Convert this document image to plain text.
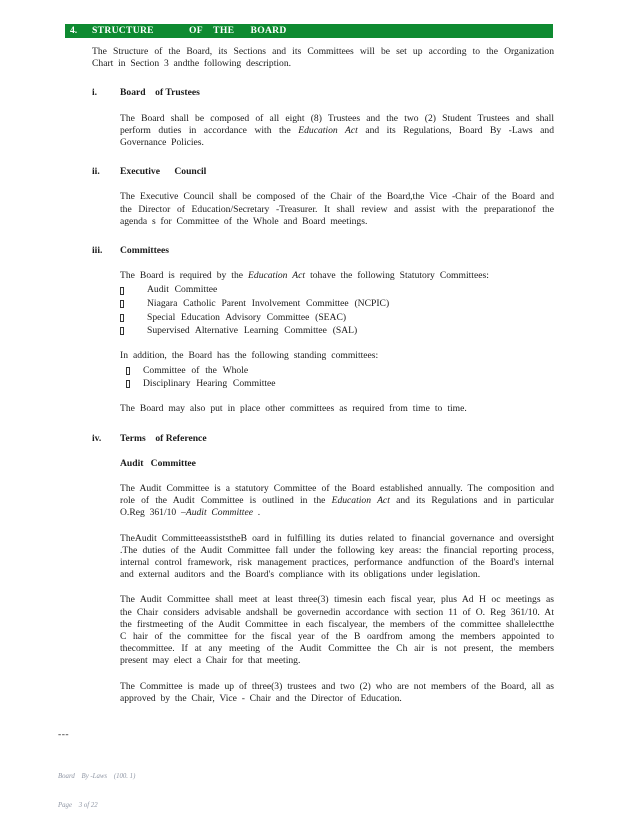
4.	STRUCTURE             OF    THE      BOARD

The Structure of the Board, its Sections and its Committees will be set up according to the Organization Chart in Section 3 andthe following description.

i.	Board    of Trustees

The Board shall be composed of all eight (8) Trustees and the two (2) Student Trustees and shall perform duties in accordance with the Education Act and its Regulations, Board By -Laws and Governance Policies.

ii.	Executive      Council

The Executive Council shall be composed of the Chair of the Board,the Vice -Chair of the Board and the Director of Education/Secretary -Treasurer. It shall review and assist with the preparationof the agenda s for Committee of the Whole and Board meetings.

iii.	Committees

The Board is required by the Education Act tohave the following Statutory Committees:

Audit Committee
Niagara Catholic Parent Involvement Committee (NCPIC)
Special Education Advisory Committee (SEAC)
Supervised Alternative Learning Committee (SAL)

In addition, the Board has the following standing committees:

Committee of the Whole
Disciplinary Hearing Committee

The Board may also put in place other committees as required from time to time.

iv.	Terms    of Reference
Audit   Committee

The Audit Committee is a statutory Committee of the Board established annually. The composition and role of the Audit Committee is outlined in the Education Act and its Regulations and in particular O.Reg 361/10 –Audit Committee .

TheAudit CommitteeassiststheB oard in fulfilling its duties related to financial governance and oversight .The duties of the Audit Committee fall under the following key areas: the financial reporting process, internal control framework, risk management practices, performance andfunction of the Board's internal and external auditors and the Board's compliance with its obligations under legislation.

The Audit Committee shall meet at least three(3) timesin each fiscal year, plus Ad H oc meetings as the Chair considers advisable andshall be governedin accordance with section 11 of O. Reg 361/10. At the firstmeeting of the Audit Committee in each fiscalyear, the members of the committee shallelectthe C hair of the committee for the fiscal year of the B oardfrom among the members appointed to thecommittee. If at any meeting of the Audit Committee the Ch air is not present, the members present may elect a Chair for that meeting.

The Committee is made up of three(3) trustees and two (2) who are not members of the Board, all as approved by the Chair, Vice - Chair and the Director of Education.

---

Board    By -Laws    (100. 1)

Page    3 of 22
